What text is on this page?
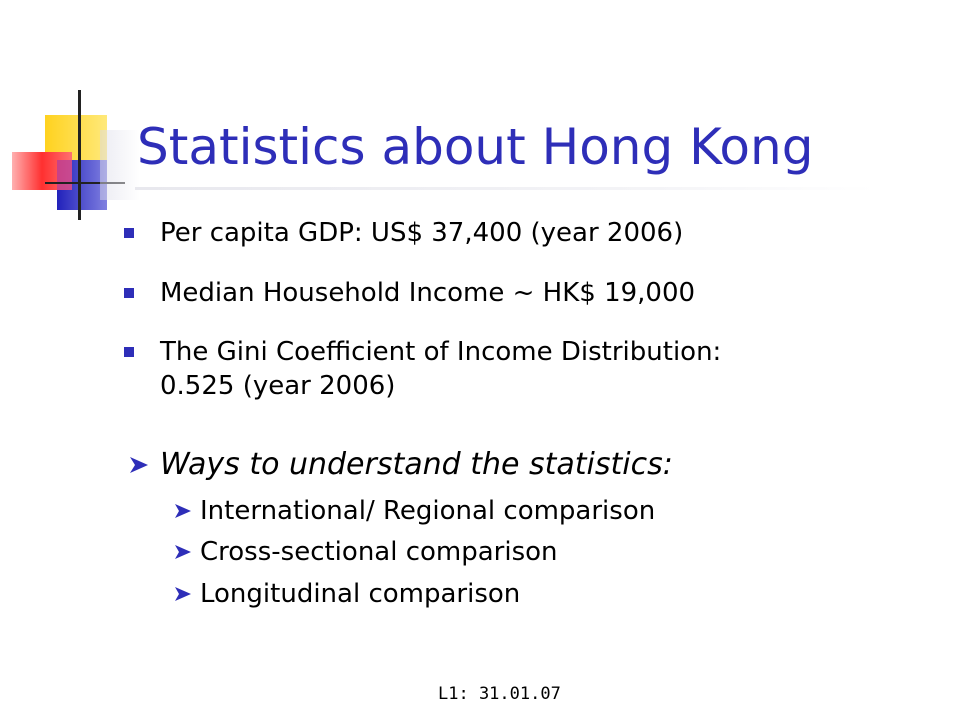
Statistics about Hong Kong
Per capita GDP: US$ 37,400 (year 2006)
Median Household Income ~ HK$ 19,000
The Gini Coefficient of Income Distribution:
0.525 (year 2006)
Ways to understand the statistics:
International/ Regional comparison
Cross-sectional comparison
Longitudinal comparison
L1: 31.01.07
